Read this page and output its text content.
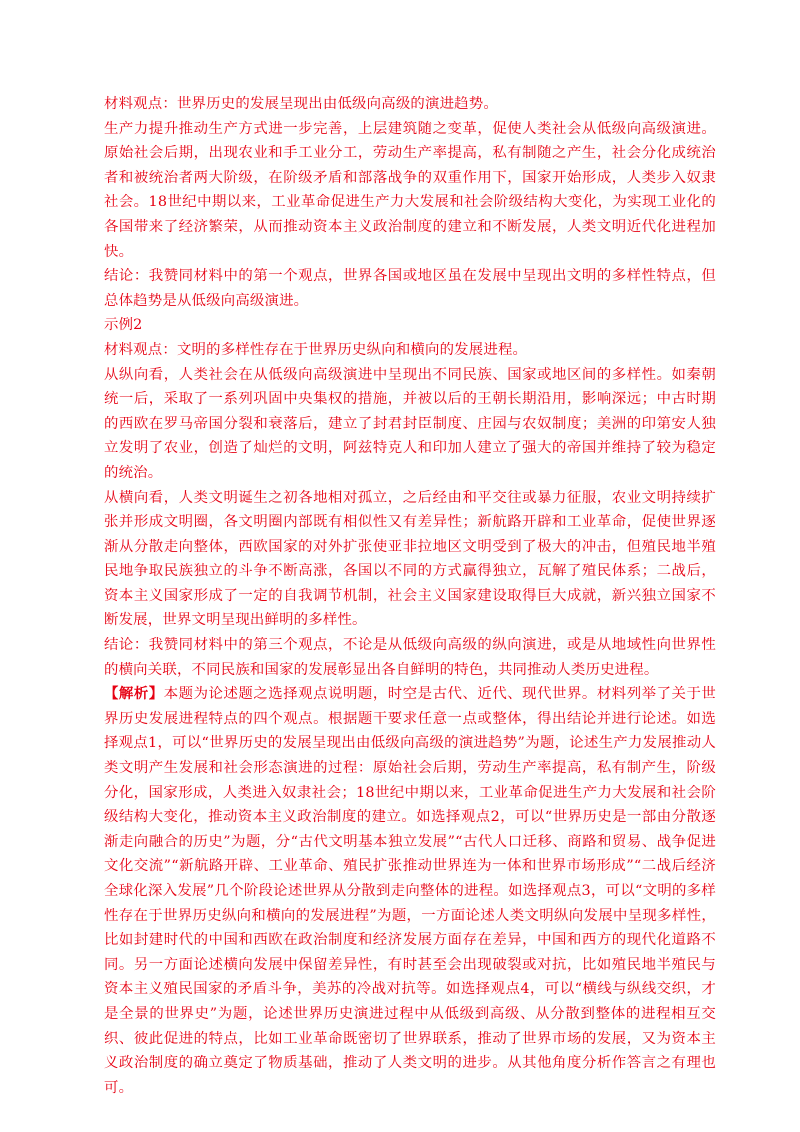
材料观点：世界历史的发展呈现出由低级向高级的演进趋势。

生产力提升推动生产方式进一步完善，上层建筑随之变革，促使人类社会从低级向高级演进。原始社会后期，出现农业和手工业分工，劳动生产率提高，私有制随之产生，社会分化成统治者和被统治者两大阶级，在阶级矛盾和部落战争的双重作用下，国家开始形成，人类步入奴隶社会。18世纪中期以来，工业革命促进生产力大发展和社会阶级结构大变化，为实现工业化的各国带来了经济繁荣，从而推动资本主义政治制度的建立和不断发展，人类文明近代化进程加快。

结论：我赞同材料中的第一个观点，世界各国或地区虽在发展中呈现出文明的多样性特点，但总体趋势是从低级向高级演进。

示例2

材料观点：文明的多样性存在于世界历史纵向和横向的发展进程。

从纵向看，人类社会在从低级向高级演进中呈现出不同民族、国家或地区间的多样性。如秦朝统一后，采取了一系列巩固中央集权的措施，并被以后的王朝长期沿用，影响深远；中古时期的西欧在罗马帝国分裂和衰落后，建立了封君封臣制度、庄园与农奴制度；美洲的印第安人独立发明了农业，创造了灿烂的文明，阿兹特克人和印加人建立了强大的帝国并维持了较为稳定的统治。

从横向看，人类文明诞生之初各地相对孤立，之后经由和平交往或暴力征服，农业文明持续扩张并形成文明圈，各文明圈内部既有相似性又有差异性；新航路开辟和工业革命，促使世界逐渐从分散走向整体，西欧国家的对外扩张使亚非拉地区文明受到了极大的冲击，但殖民地半殖民地争取民族独立的斗争不断高涨，各国以不同的方式赢得独立，瓦解了殖民体系；二战后，资本主义国家形成了一定的自我调节机制，社会主义国家建设取得巨大成就，新兴独立国家不断发展，世界文明呈现出鲜明的多样性。

结论：我赞同材料中的第三个观点，不论是从低级向高级的纵向演进，或是从地域性向世界性的横向关联，不同民族和国家的发展彰显出各自鲜明的特色，共同推动人类历史进程。

【解析】本题为论述题之选择观点说明题，时空是古代、近代、现代世界。材料列举了关于世界历史发展进程特点的四个观点。根据题干要求任意一点或整体，得出结论并进行论述。如选择观点1，可以“世界历史的发展呈现出由低级向高级的演进趋势”为题，论述生产力发展推动人类文明产生发展和社会形态演进的过程：原始社会后期，劳动生产率提高，私有制产生，阶级分化，国家形成，人类进入奴隶社会；18世纪中期以来，工业革命促进生产力大发展和社会阶级结构大变化，推动资本主义政治制度的建立。如选择观点2，可以“世界历史是一部由分散逐渐走向融合的历史”为题，分“古代文明基本独立发展”“古代人口迁移、商路和贸易、战争促进文化交流”“新航路开辟、工业革命、殖民扩张推动世界连为一体和世界市场形成”“二战后经济全球化深入发展”几个阶段论述世界从分散到走向整体的进程。如选择观点3，可以“文明的多样性存在于世界历史纵向和横向的发展进程”为题，一方面论述人类文明纵向发展中呈现多样性，比如封建时代的中国和西欧在政治制度和经济发展方面存在差异，中国和西方的现代化道路不同。另一方面论述横向发展中保留差异性，有时甚至会出现破裂或对抗，比如殖民地半殖民与资本主义殖民国家的矛盾斗争，美苏的冷战对抗等。如选择观点4，可以“横线与纵线交织，才是全景的世界史”为题，论述世界历史演进过程中从低级到高级、从分散到整体的进程相互交织、彼此促进的特点，比如工业革命既密切了世界联系，推动了世界市场的发展，又为资本主义政治制度的确立奠定了物质基础，推动了人类文明的进步。从其他角度分析作答言之有理也可。
